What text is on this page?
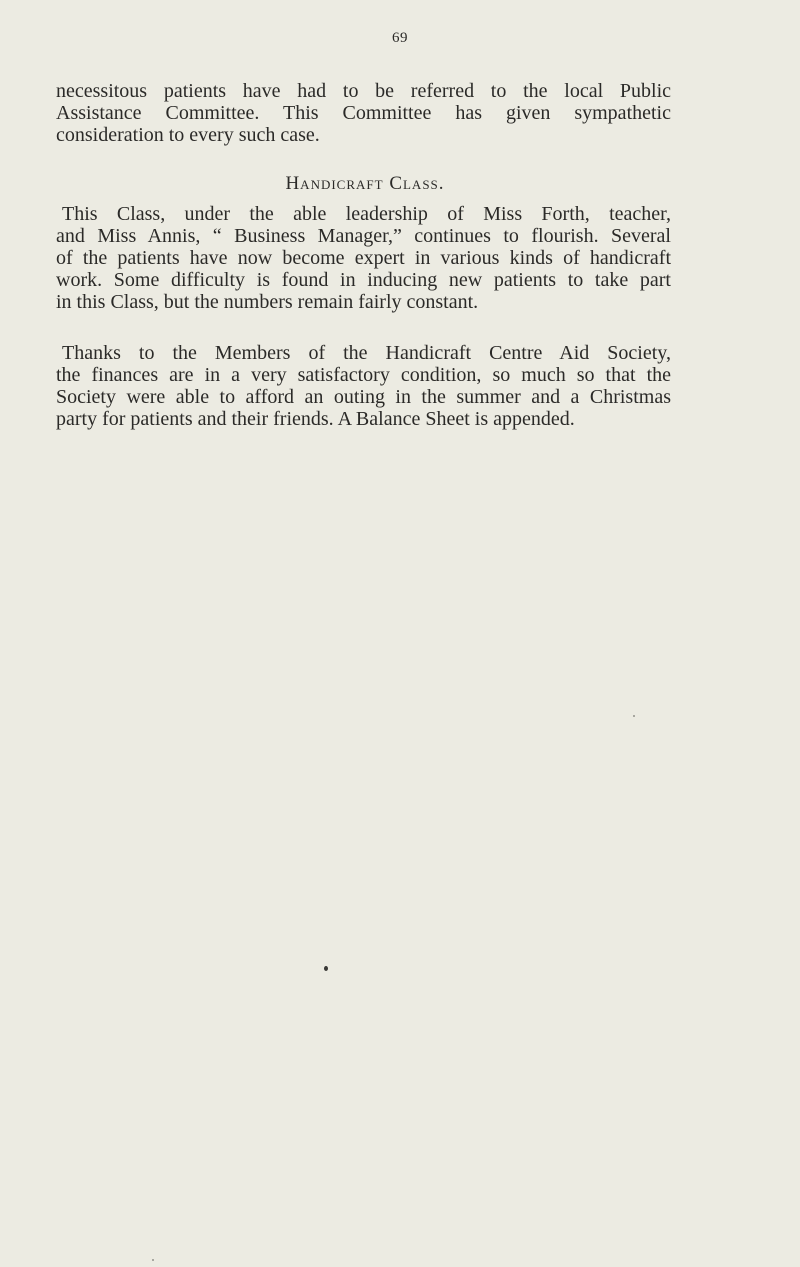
69

necessitous patients have had to be referred to the local Public
Assistance Committee. This Committee has given sympathetic
consideration to every such case.

Handicraft Class.

This Class, under the able leadership of Miss Forth, teacher,
and Miss Annis, “ Business Manager,” continues to flourish. Several
of the patients have now become expert in various kinds of handicraft
work. Some difficulty is found in inducing new patients to take part
in this Class, but the numbers remain fairly constant.

Thanks to the Members of the Handicraft Centre Aid Society,
the finances are in a very satisfactory condition, so much so that the
Society were able to afford an outing in the summer and a Christmas
party for patients and their friends. A Balance Sheet is appended.
